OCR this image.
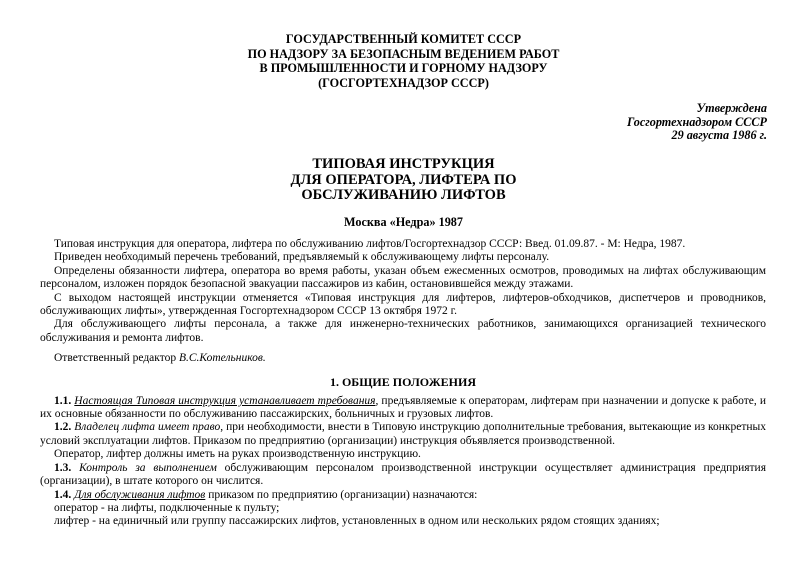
ГОСУДАРСТВЕННЫЙ КОМИТЕТ СССР
ПО НАДЗОРУ ЗА БЕЗОПАСНЫМ ВЕДЕНИЕМ РАБОТ
В ПРОМЫШЛЕННОСТИ И ГОРНОМУ НАДЗОРУ
(ГОСГОРТЕХНАДЗОР СССР)
Утверждена
Госгортехнадзором СССР
29 августа 1986 г.
ТИПОВАЯ ИНСТРУКЦИЯ
ДЛЯ ОПЕРАТОРА, ЛИФТЕРА ПО
ОБСЛУЖИВАНИЮ ЛИФТОВ
Москва «Недра» 1987

Типовая инструкция для оператора, лифтера по обслуживанию лифтов/Госгортехнадзор СССР: Введ. 01.09.87. - М: Недра, 1987.

Приведен необходимый перечень требований, предъявляемый к обслуживающему лифты персоналу.

Определены обязанности лифтера, оператора во время работы, указан объем ежесменных осмотров, проводимых на лифтах обслуживающим персоналом, изложен порядок безопасной эвакуации пассажиров из кабин, остановившейся между этажами.

С выходом настоящей инструкции отменяется «Типовая инструкция для лифтеров, лифтеров-обходчиков, диспетчеров и проводников, обслуживающих лифты», утвержденная Госгортехнадзором СССР 13 октября 1972 г.

Для обслуживающего лифты персонала, а также для инженерно-технических работников, занимающихся организацией технического обслуживания и ремонта лифтов.

Ответственный редактор В.С.Котельников.

1. ОБЩИЕ ПОЛОЖЕНИЯ

1.1. Настоящая Типовая инструкция устанавливает требования, предъявляемые к операторам, лифтерам при назначении и допуске к работе, и их основные обязанности по обслуживанию пассажирских, больничных и грузовых лифтов.

1.2. Владелец лифта имеет право, при необходимости, внести в Типовую инструкцию дополнительные требования, вытекающие из конкретных условий эксплуатации лифтов. Приказом по предприятию (организации) инструкция объявляется производственной.

Оператор, лифтер должны иметь на руках производственную инструкцию.

1.3. Контроль за выполнением обслуживающим персоналом производственной инструкции осуществляет администрация предприятия (организации), в штате которого он числится.

1.4. Для обслуживания лифтов приказом по предприятию (организации) назначаются:

оператор - на лифты, подключенные к пульту;

лифтер - на единичный или группу пассажирских лифтов, установленных в одном или нескольких рядом стоящих зданиях;
